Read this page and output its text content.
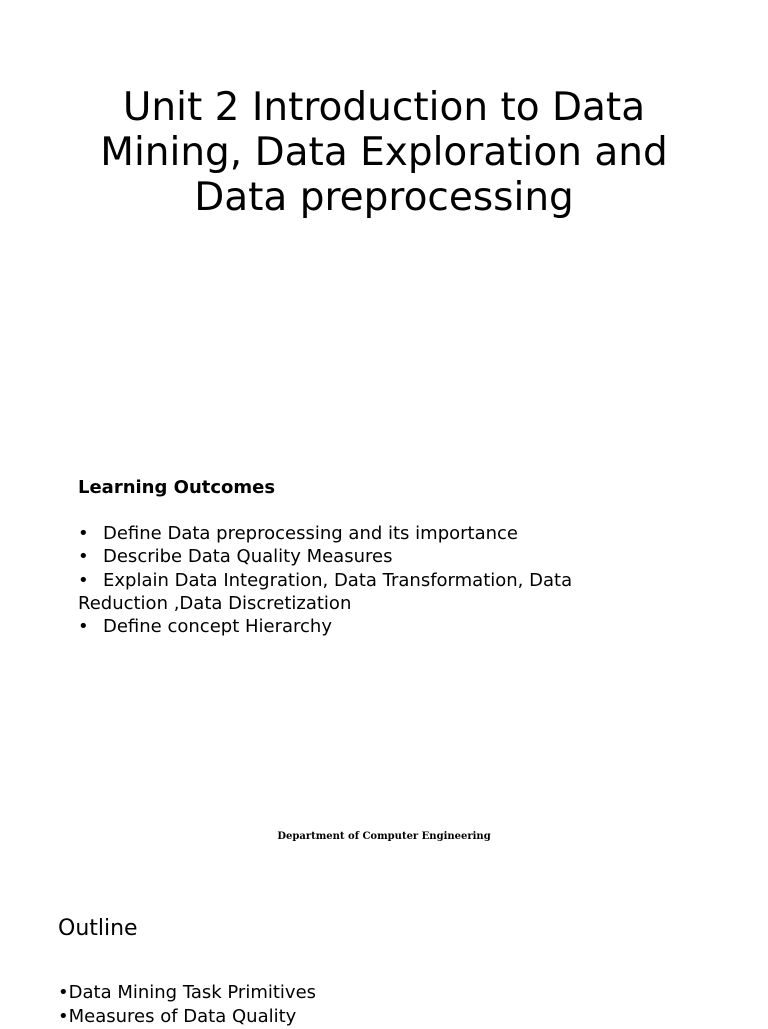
Unit 2 Introduction to Data Mining, Data Exploration and Data preprocessing
Learning Outcomes
• Define Data preprocessing and its importance
• Describe Data Quality Measures
• Explain Data Integration, Data Transformation, Data Reduction ,Data Discretization
• Define concept Hierarchy

Department of Computer Engineering

Outline
• Data Mining Task Primitives
• Measures of Data Quality
